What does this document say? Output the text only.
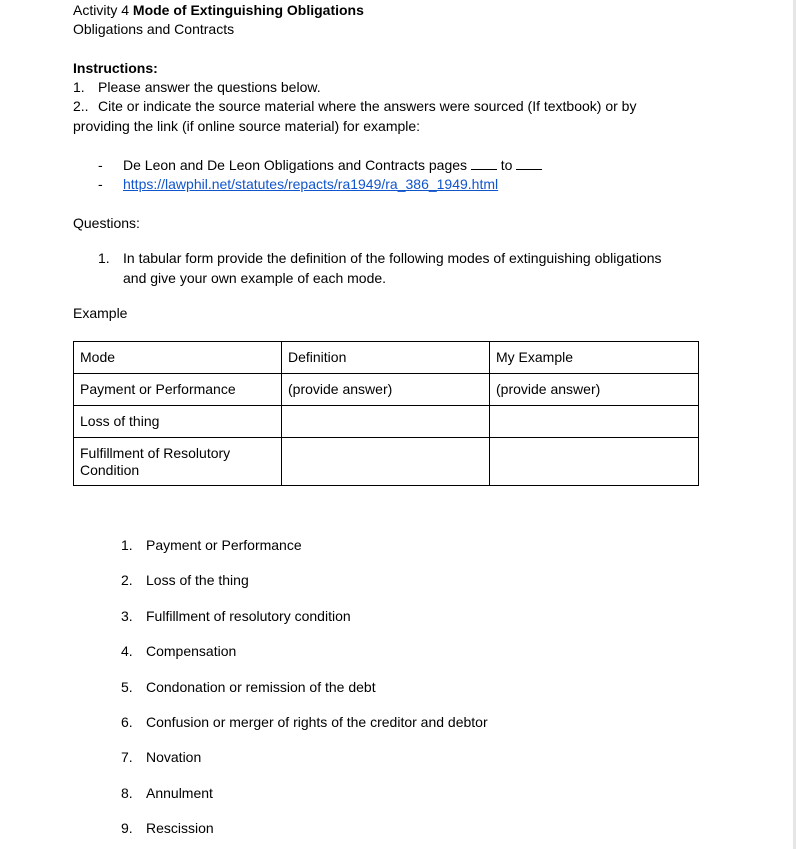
Activity 4 Mode of Extinguishing Obligations
Obligations and Contracts
Instructions:
1. Please answer the questions below.
2.. Cite or indicate the source material where the answers were sourced (If textbook) or by
providing the link (if online source material) for example:
- De Leon and De Leon Obligations and Contracts pages to
- https://lawphil.net/statutes/repacts/ra1949/ra_386_1949.html
Questions:
1. In tabular form provide the definition of the following modes of extinguishing obligations
and give your own example of each mode.
Example
Mode	Definition	My Example
Payment or Performance	(provide answer)	(provide answer)
Loss of thing		
Fulfillment of Resolutory Condition		
1. Payment or Performance
2. Loss of the thing
3. Fulfillment of resolutory condition
4. Compensation
5. Condonation or remission of the debt
6. Confusion or merger of rights of the creditor and debtor
7. Novation
8. Annulment
9. Rescission
